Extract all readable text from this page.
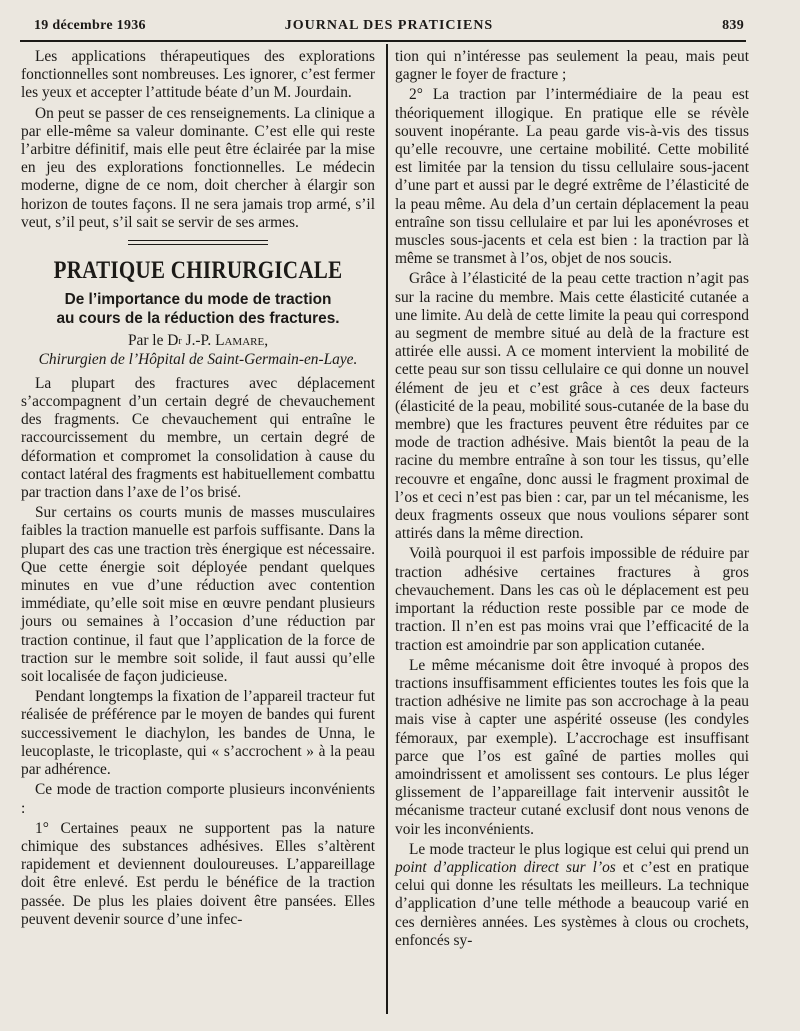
19 décembre 1936	JOURNAL DES PRATICIENS	839

Les applications thérapeutiques des explorations fonctionnelles sont nombreuses. Les ignorer, c’est fermer les yeux et accepter l’attitude béate d’un M. Jourdain.

On peut se passer de ces renseignements. La clinique a par elle-même sa valeur dominante. C’est elle qui reste l’arbitre définitif, mais elle peut être éclairée par la mise en jeu des explorations fonctionnelles. Le médecin moderne, digne de ce nom, doit chercher à élargir son horizon de toutes façons. Il ne sera jamais trop armé, s’il veut, s’il peut, s’il sait se servir de ses armes.

PRATIQUE CHIRURGICALE
De l’importance du mode de traction
au cours de la réduction des fractures.
Par le $D^r$ J.-P. Lamare,
Chirurgien de l’Hôpital de Saint-Germain-en-Laye.

La plupart des fractures avec déplacement s’accompagnent d’un certain degré de chevauchement des fragments. Ce chevauchement qui entraîne le raccourcissement du membre, un certain degré de déformation et compromet la consolidation à cause du contact latéral des fragments est habituellement combattu par traction dans l’axe de l’os brisé.

Sur certains os courts munis de masses musculaires faibles la traction manuelle est parfois suffisante. Dans la plupart des cas une traction très énergique est nécessaire. Que cette énergie soit déployée pendant quelques minutes en vue d’une réduction avec contention immédiate, qu’elle soit mise en œuvre pendant plusieurs jours ou semaines à l’occasion d’une réduction par traction continue, il faut que l’application de la force de traction sur le membre soit solide, il faut aussi qu’elle soit localisée de façon judicieuse.

Pendant longtemps la fixation de l’appareil tracteur fut réalisée de préférence par le moyen de bandes qui furent successivement le diachylon, les bandes de Unna, le leucoplaste, le tricoplaste, qui « s’accrochent » à la peau par adhérence.

Ce mode de traction comporte plusieurs inconvénients :

1° Certaines peaux ne supportent pas la nature chimique des substances adhésives. Elles s’altèrent rapidement et deviennent douloureuses. L’appareillage doit être enlevé. Est perdu le bénéfice de la traction passée. De plus les plaies doivent être pansées. Elles peuvent devenir source d’une infec-

tion qui n’intéresse pas seulement la peau, mais peut gagner le foyer de fracture ;

2° La traction par l’intermédiaire de la peau est théoriquement illogique. En pratique elle se révèle souvent inopérante. La peau garde vis-à-vis des tissus qu’elle recouvre, une certaine mobilité. Cette mobilité est limitée par la tension du tissu cellulaire sous-jacent d’une part et aussi par le degré extrême de l’élasticité de la peau même. Au dela d’un certain déplacement la peau entraîne son tissu cellulaire et par lui les aponévroses et muscles sous-jacents et cela est bien : la traction par là même se transmet à l’os, objet de nos soucis.

Grâce à l’élasticité de la peau cette traction n’agit pas sur la racine du membre. Mais cette élasticité cutanée a une limite. Au delà de cette limite la peau qui correspond au segment de membre situé au delà de la fracture est attirée elle aussi. A ce moment intervient la mobilité de cette peau sur son tissu cellulaire ce qui donne un nouvel élément de jeu et c’est grâce à ces deux facteurs (élasticité de la peau, mobilité sous-cutanée de la base du membre) que les fractures peuvent être réduites par ce mode de traction adhésive. Mais bientôt la peau de la racine du membre entraîne à son tour les tissus, qu’elle recouvre et engaîne, donc aussi le fragment proximal de l’os et ceci n’est pas bien : car, par un tel mécanisme, les deux fragments osseux que nous voulions séparer sont attirés dans la même direction.

Voilà pourquoi il est parfois impossible de réduire par traction adhésive certaines fractures à gros chevauchement. Dans les cas où le déplacement est peu important la réduction reste possible par ce mode de traction. Il n’en est pas moins vrai que l’efficacité de la traction est amoindrie par son application cutanée.

Le même mécanisme doit être invoqué à propos des tractions insuffisamment efficientes toutes les fois que la traction adhésive ne limite pas son accrochage à la peau mais vise à capter une aspérité osseuse (les condyles fémoraux, par exemple). L’accrochage est insuffisant parce que l’os est gaîné de parties molles qui amoindrissent et amolissent ses contours. Le plus léger glissement de l’appareillage fait intervenir aussitôt le mécanisme tracteur cutané exclusif dont nous venons de voir les inconvénients.

Le mode tracteur le plus logique est celui qui prend un point d’application direct sur l’os et c’est en pratique celui qui donne les résultats les meilleurs. La technique d’application d’une telle méthode a beaucoup varié en ces dernières années. Les systèmes à clous ou crochets, enfoncés sy-
